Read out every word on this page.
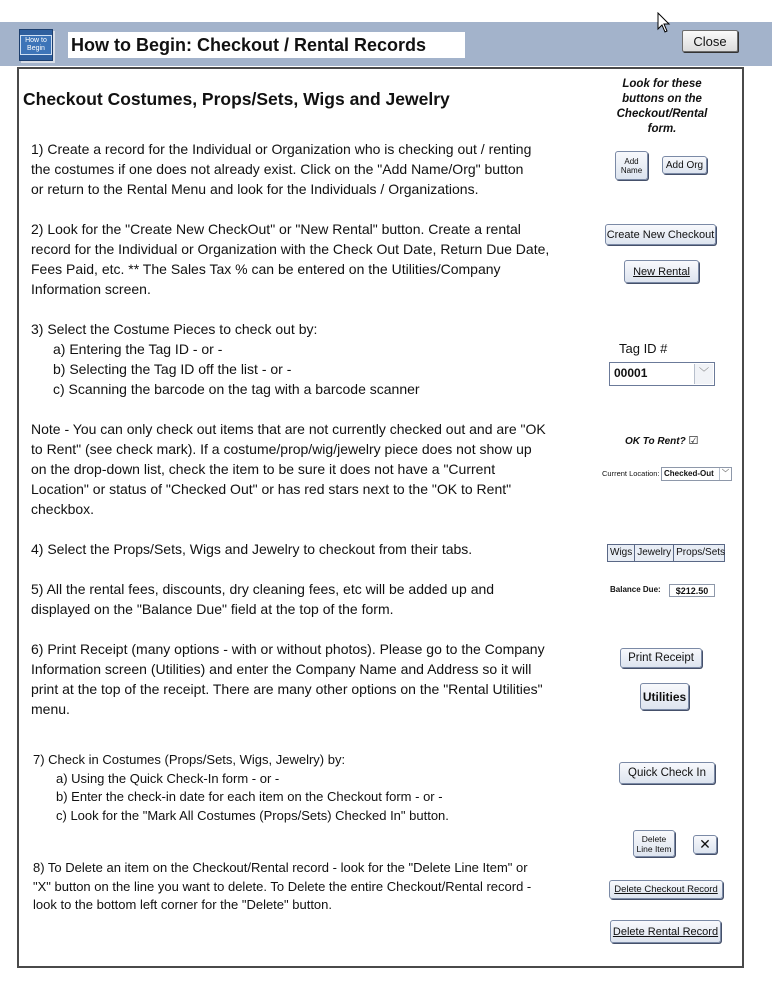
How to Begin	How to Begin: Checkout / Rental Records	Close
Checkout Costumes, Props/Sets, Wigs and Jewelry
Look for these
buttons on the
Checkout/Rental
form.
1) Create a record for the Individual or Organization who is checking out / renting
the costumes if one does not already exist. Click on the "Add Name/Org" button
or return to the Rental Menu and look for the Individuals / Organizations.
Add
Name	Add Org
2) Look for the "Create New CheckOut" or "New Rental" button. Create a rental
record for the Individual or Organization with the Check Out Date, Return Due Date,
Fees Paid, etc. ** The Sales Tax % can be entered on the Utilities/Company
Information screen.
Create New Checkout
New Rental
3) Select the Costume Pieces to check out by:
a) Entering the Tag ID - or -
b) Selecting the Tag ID off the list - or -
c) Scanning the barcode on the tag with a barcode scanner
Tag ID #
00001	﹀
Note - You can only check out items that are not currently checked out and are "OK
to Rent" (see check mark). If a costume/prop/wig/jewelry piece does not show up
on the drop-down list, check the item to be sure it does not have a "Current
Location" or status of "Checked Out" or has red stars next to the "OK to Rent"
checkbox.
OK To Rent? ☑
Current Location: Checked-Out	﹀
4) Select the Props/Sets, Wigs and Jewelry to checkout from their tabs.	Wigs Jewelry Props/Sets
5) All the rental fees, discounts, dry cleaning fees, etc will be added up and
displayed on the "Balance Due" field at the top of the form.
Balance Due:	$212.50
6) Print Receipt (many options - with or without photos). Please go to the Company
Information screen (Utilities) and enter the Company Name and Address so it will
print at the top of the receipt. There are many other options on the "Rental Utilities"
menu.
Print Receipt
Utilities
7) Check in Costumes (Props/Sets, Wigs, Jewelry) by:
a) Using the Quick Check-In form - or -
b) Enter the check-in date for each item on the Checkout form - or -
c) Look for the "Mark All Costumes (Props/Sets) Checked In" button.
Quick Check In
8) To Delete an item on the Checkout/Rental record - look for the "Delete Line Item" or
"X" button on the line you want to delete. To Delete the entire Checkout/Rental record -
look to the bottom left corner for the "Delete" button.
Delete
Line Item ✕
Delete Checkout Record
Delete Rental Record
